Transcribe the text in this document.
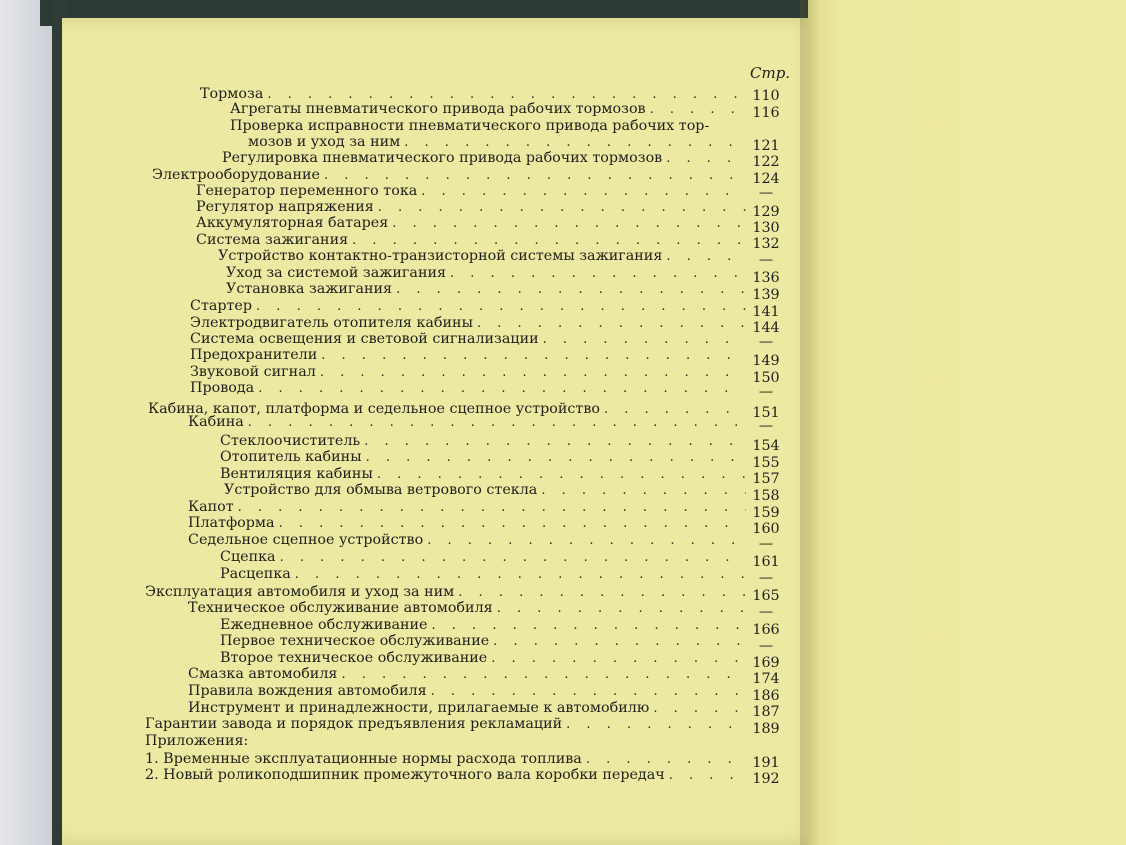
Стр.
Тормоза . . .	110
Агрегаты пневматического привода рабочих тормозов . . .	116
Проверка исправности пневматического привода рабочих тор-
мозов и уход за ним . . .	121
Регулировка пневматического привода рабочих тормозов . . .	122
Электрооборудование . . .	124
Генератор переменного тока . . .	—
Регулятор напряжения . . .	129
Аккумуляторная батарея . . .	130
Система зажигания . . .	132
Устройство контактно-транзисторной системы зажигания . . .	—
Уход за системой зажигания . . .	136
Установка зажигания . . .	139
Стартер . . .	141
Электродвигатель отопителя кабины . . .	144
Система освещения и световой сигнализации . . .	—
Предохранители . . .	149
Звуковой сигнал . . .	150
Провода . . .	—
Кабина, капот, платформа и седельное сцепное устройство . . .	151
Кабина . . .	—
Стеклоочиститель . . .	154
Отопитель кабины . . .	155
Вентиляция кабины . . .	157
Устройство для обмыва ветрового стекла . . .	158
Капот . . .	159
Платформа . . .	160
Седельное сцепное устройство . . .	—
Сцепка . . .	161
Расцепка . . .	—
Эксплуатация автомобиля и уход за ним . . .	165
Техническое обслуживание автомобиля . . .	—
Ежедневное обслуживание . . .	166
Первое техническое обслуживание . . .	—
Второе техническое обслуживание . . .	169
Смазка автомобиля . . .	174
Правила вождения автомобиля . . .	186
Инструмент и принадлежности, прилагаемые к автомобилю . . .	187
Гарантии завода и порядок предъявления рекламаций . . .	189
Приложения:
1. Временные эксплуатационные нормы расхода топлива . . .	191
2. Новый роликоподшипник промежуточного вала коробки передач . . .	192
